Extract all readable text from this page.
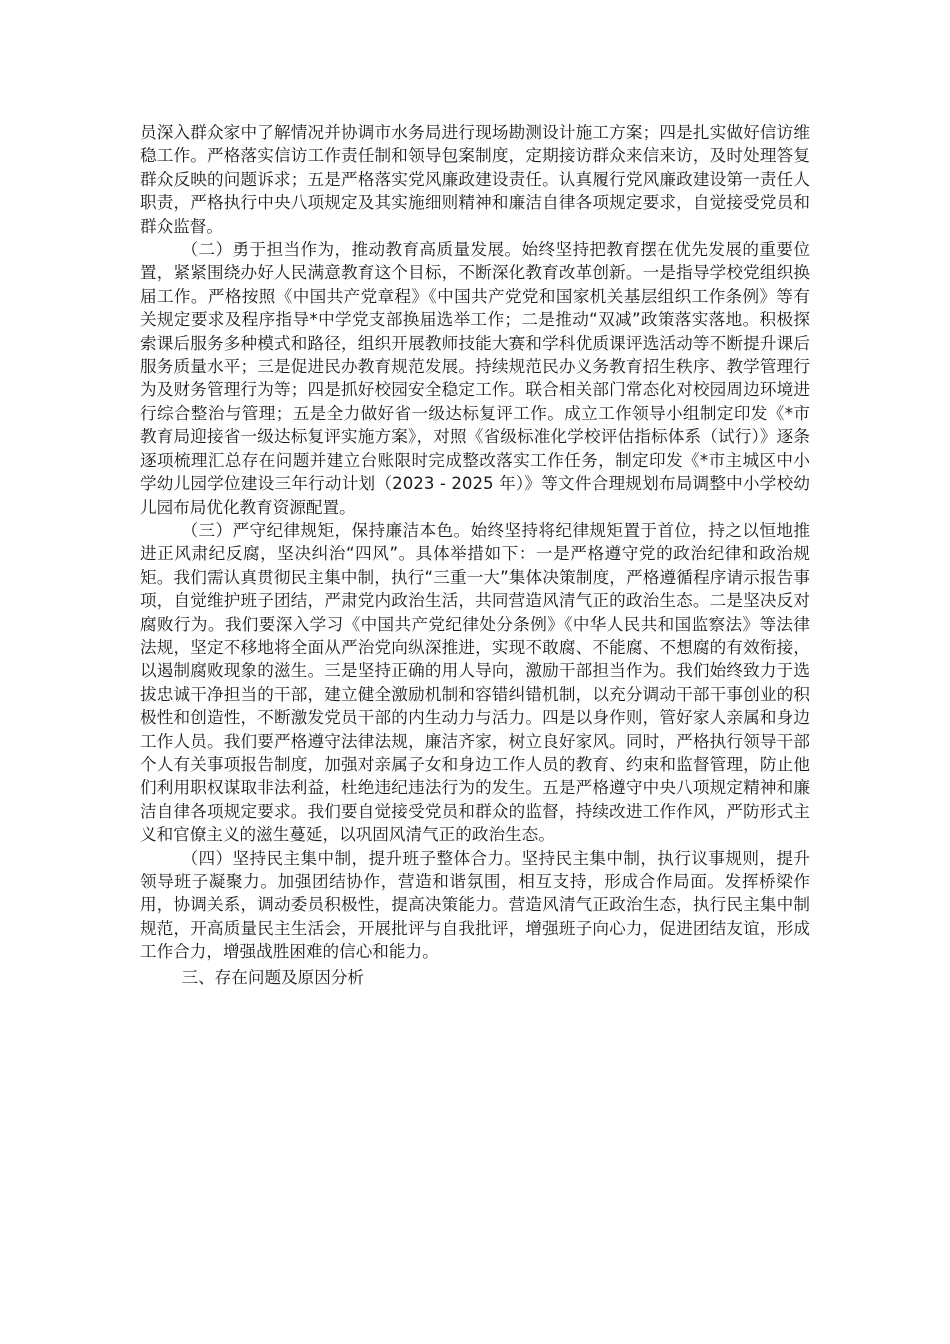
员深入群众家中了解情况并协调市水务局进行现场勘测设计施工方案；四是扎实做好信访维稳工作。严格落实信访工作责任制和领导包案制度，定期接访群众来信来访，及时处理答复群众反映的问题诉求；五是严格落实党风廉政建设责任。认真履行党风廉政建设第一责任人职责，严格执行中央八项规定及其实施细则精神和廉洁自律各项规定要求，自觉接受党员和群众监督。

（二）勇于担当作为，推动教育高质量发展。始终坚持把教育摆在优先发展的重要位置，紧紧围绕办好人民满意教育这个目标，不断深化教育改革创新。一是指导学校党组织换届工作。严格按照《中国共产党章程》《中国共产党党和国家机关基层组织工作条例》等有关规定要求及程序指导*中学党支部换届选举工作；二是推动“双减”政策落实落地。积极探索课后服务多种模式和路径，组织开展教师技能大赛和学科优质课评选活动等不断提升课后服务质量水平；三是促进民办教育规范发展。持续规范民办义务教育招生秩序、教学管理行为及财务管理行为等；四是抓好校园安全稳定工作。联合相关部门常态化对校园周边环境进行综合整治与管理；五是全力做好省一级达标复评工作。成立工作领导小组制定印发《*市教育局迎接省一级达标复评实施方案》，对照《省级标准化学校评估指标体系（试行）》逐条逐项梳理汇总存在问题并建立台账限时完成整改落实工作任务，制定印发《*市主城区中小学幼儿园学位建设三年行动计划（2023 - 2025 年）》等文件合理规划布局调整中小学校幼儿园布局优化教育资源配置。

（三）严守纪律规矩，保持廉洁本色。始终坚持将纪律规矩置于首位，持之以恒地推进正风肃纪反腐，坚决纠治“四风”。具体举措如下：一是严格遵守党的政治纪律和政治规矩。我们需认真贯彻民主集中制，执行“三重一大”集体决策制度，严格遵循程序请示报告事项，自觉维护班子团结，严肃党内政治生活，共同营造风清气正的政治生态。二是坚决反对腐败行为。我们要深入学习《中国共产党纪律处分条例》《中华人民共和国监察法》等法律法规，坚定不移地将全面从严治党向纵深推进，实现不敢腐、不能腐、不想腐的有效衔接，以遏制腐败现象的滋生。三是坚持正确的用人导向，激励干部担当作为。我们始终致力于选拔忠诚干净担当的干部，建立健全激励机制和容错纠错机制，以充分调动干部干事创业的积极性和创造性，不断激发党员干部的内生动力与活力。四是以身作则，管好家人亲属和身边工作人员。我们要严格遵守法律法规，廉洁齐家，树立良好家风。同时，严格执行领导干部个人有关事项报告制度，加强对亲属子女和身边工作人员的教育、约束和监督管理，防止他们利用职权谋取非法利益，杜绝违纪违法行为的发生。五是严格遵守中央八项规定精神和廉洁自律各项规定要求。我们要自觉接受党员和群众的监督，持续改进工作作风，严防形式主义和官僚主义的滋生蔓延，以巩固风清气正的政治生态。

（四）坚持民主集中制，提升班子整体合力。坚持民主集中制，执行议事规则，提升领导班子凝聚力。加强团结协作，营造和谐氛围，相互支持，形成合作局面。发挥桥梁作用，协调关系，调动委员积极性，提高决策能力。营造风清气正政治生态，执行民主集中制规范，开高质量民主生活会，开展批评与自我批评，增强班子向心力，促进团结友谊，形成工作合力，增强战胜困难的信心和能力。

三、存在问题及原因分析
